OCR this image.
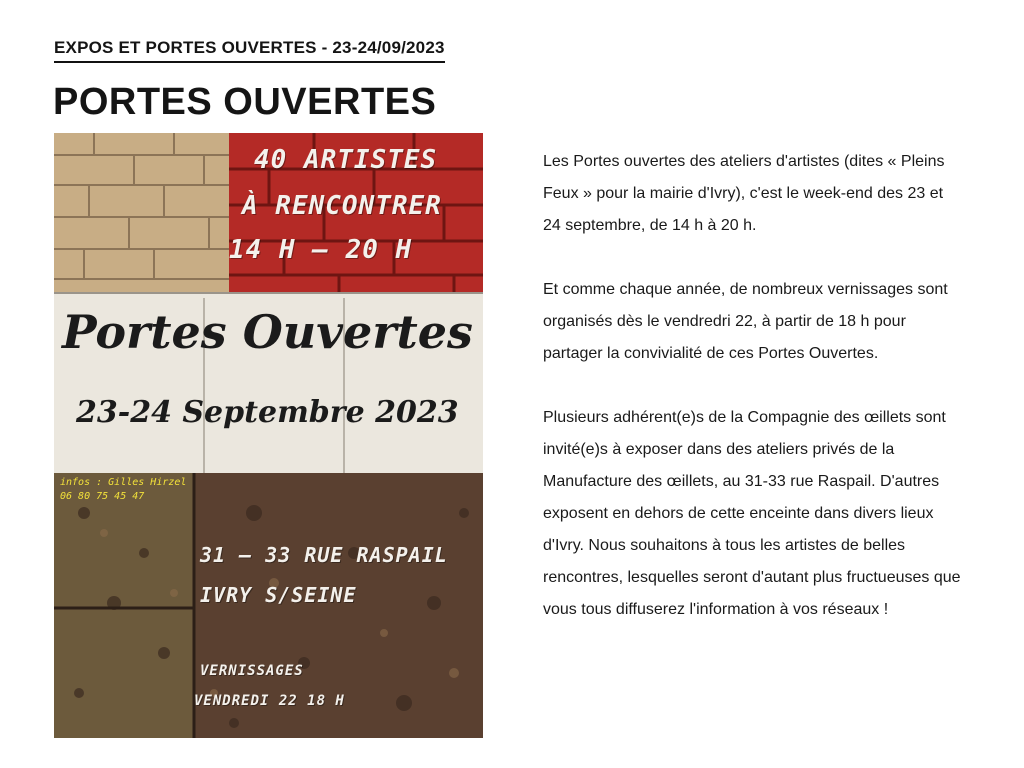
EXPOS ET PORTES OUVERTES - 23-24/09/2023
PORTES OUVERTES
40 ARTISTES
À RENCONTRER
14 H – 20 H
Portes Ouvertes
23-24 Septembre 2023
infos : Gilles Hirzel
06 80 75 45 47
31 – 33 RUE RASPAIL
IVRY S/SEINE
VERNISSAGES
VENDREDI 22 18 H

Les Portes ouvertes des ateliers d'artistes (dites « Pleins Feux » pour la mairie d'Ivry), c'est le week-end des 23 et 24 septembre, de 14 h à 20 h.

Et comme chaque année, de nombreux vernissages sont organisés dès le vendredri 22, à partir de 18 h pour partager la convivialité de ces Portes Ouvertes.

Plusieurs adhérent(e)s de la Compagnie des œillets sont invité(e)s à exposer dans des ateliers privés de la Manufacture des œillets, au 31-33 rue Raspail. D'autres exposent en dehors de cette enceinte dans divers lieux d'Ivry. Nous souhaitons à tous les artistes de belles rencontres, lesquelles seront d'autant plus fructueuses que vous tous diffuserez l'information à vos réseaux !
